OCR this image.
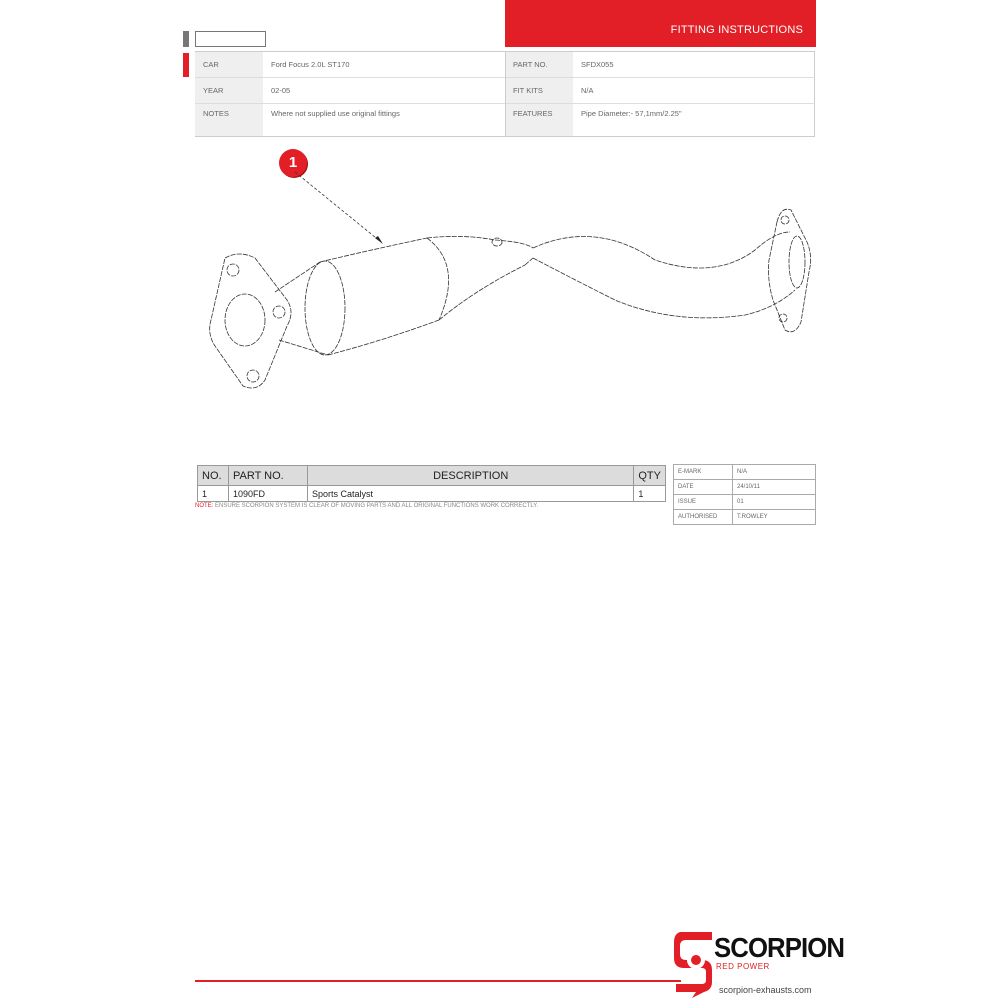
FITTING INSTRUCTIONS
CAR	Ford Focus 2.0L ST170	PART NO.	SFDX055
YEAR	02-05	FIT KITS	N/A
NOTES	Where not supplied use original fittings	FEATURES	Pipe Diameter:- 57,1mm/2.25"
1
NO.	PART NO.	DESCRIPTION	QTY
1	1090FD	Sports Catalyst	1
NOTE: ENSURE SCORPION SYSTEM IS CLEAR OF MOVING PARTS AND ALL ORIGINAL FUNCTIONS WORK CORRECTLY.
E-MARK	N/A
DATE	24/10/11
ISSUE	01
AUTHORISED	T.ROWLEY
SCORPION
RED POWER
scorpion-exhausts.com
